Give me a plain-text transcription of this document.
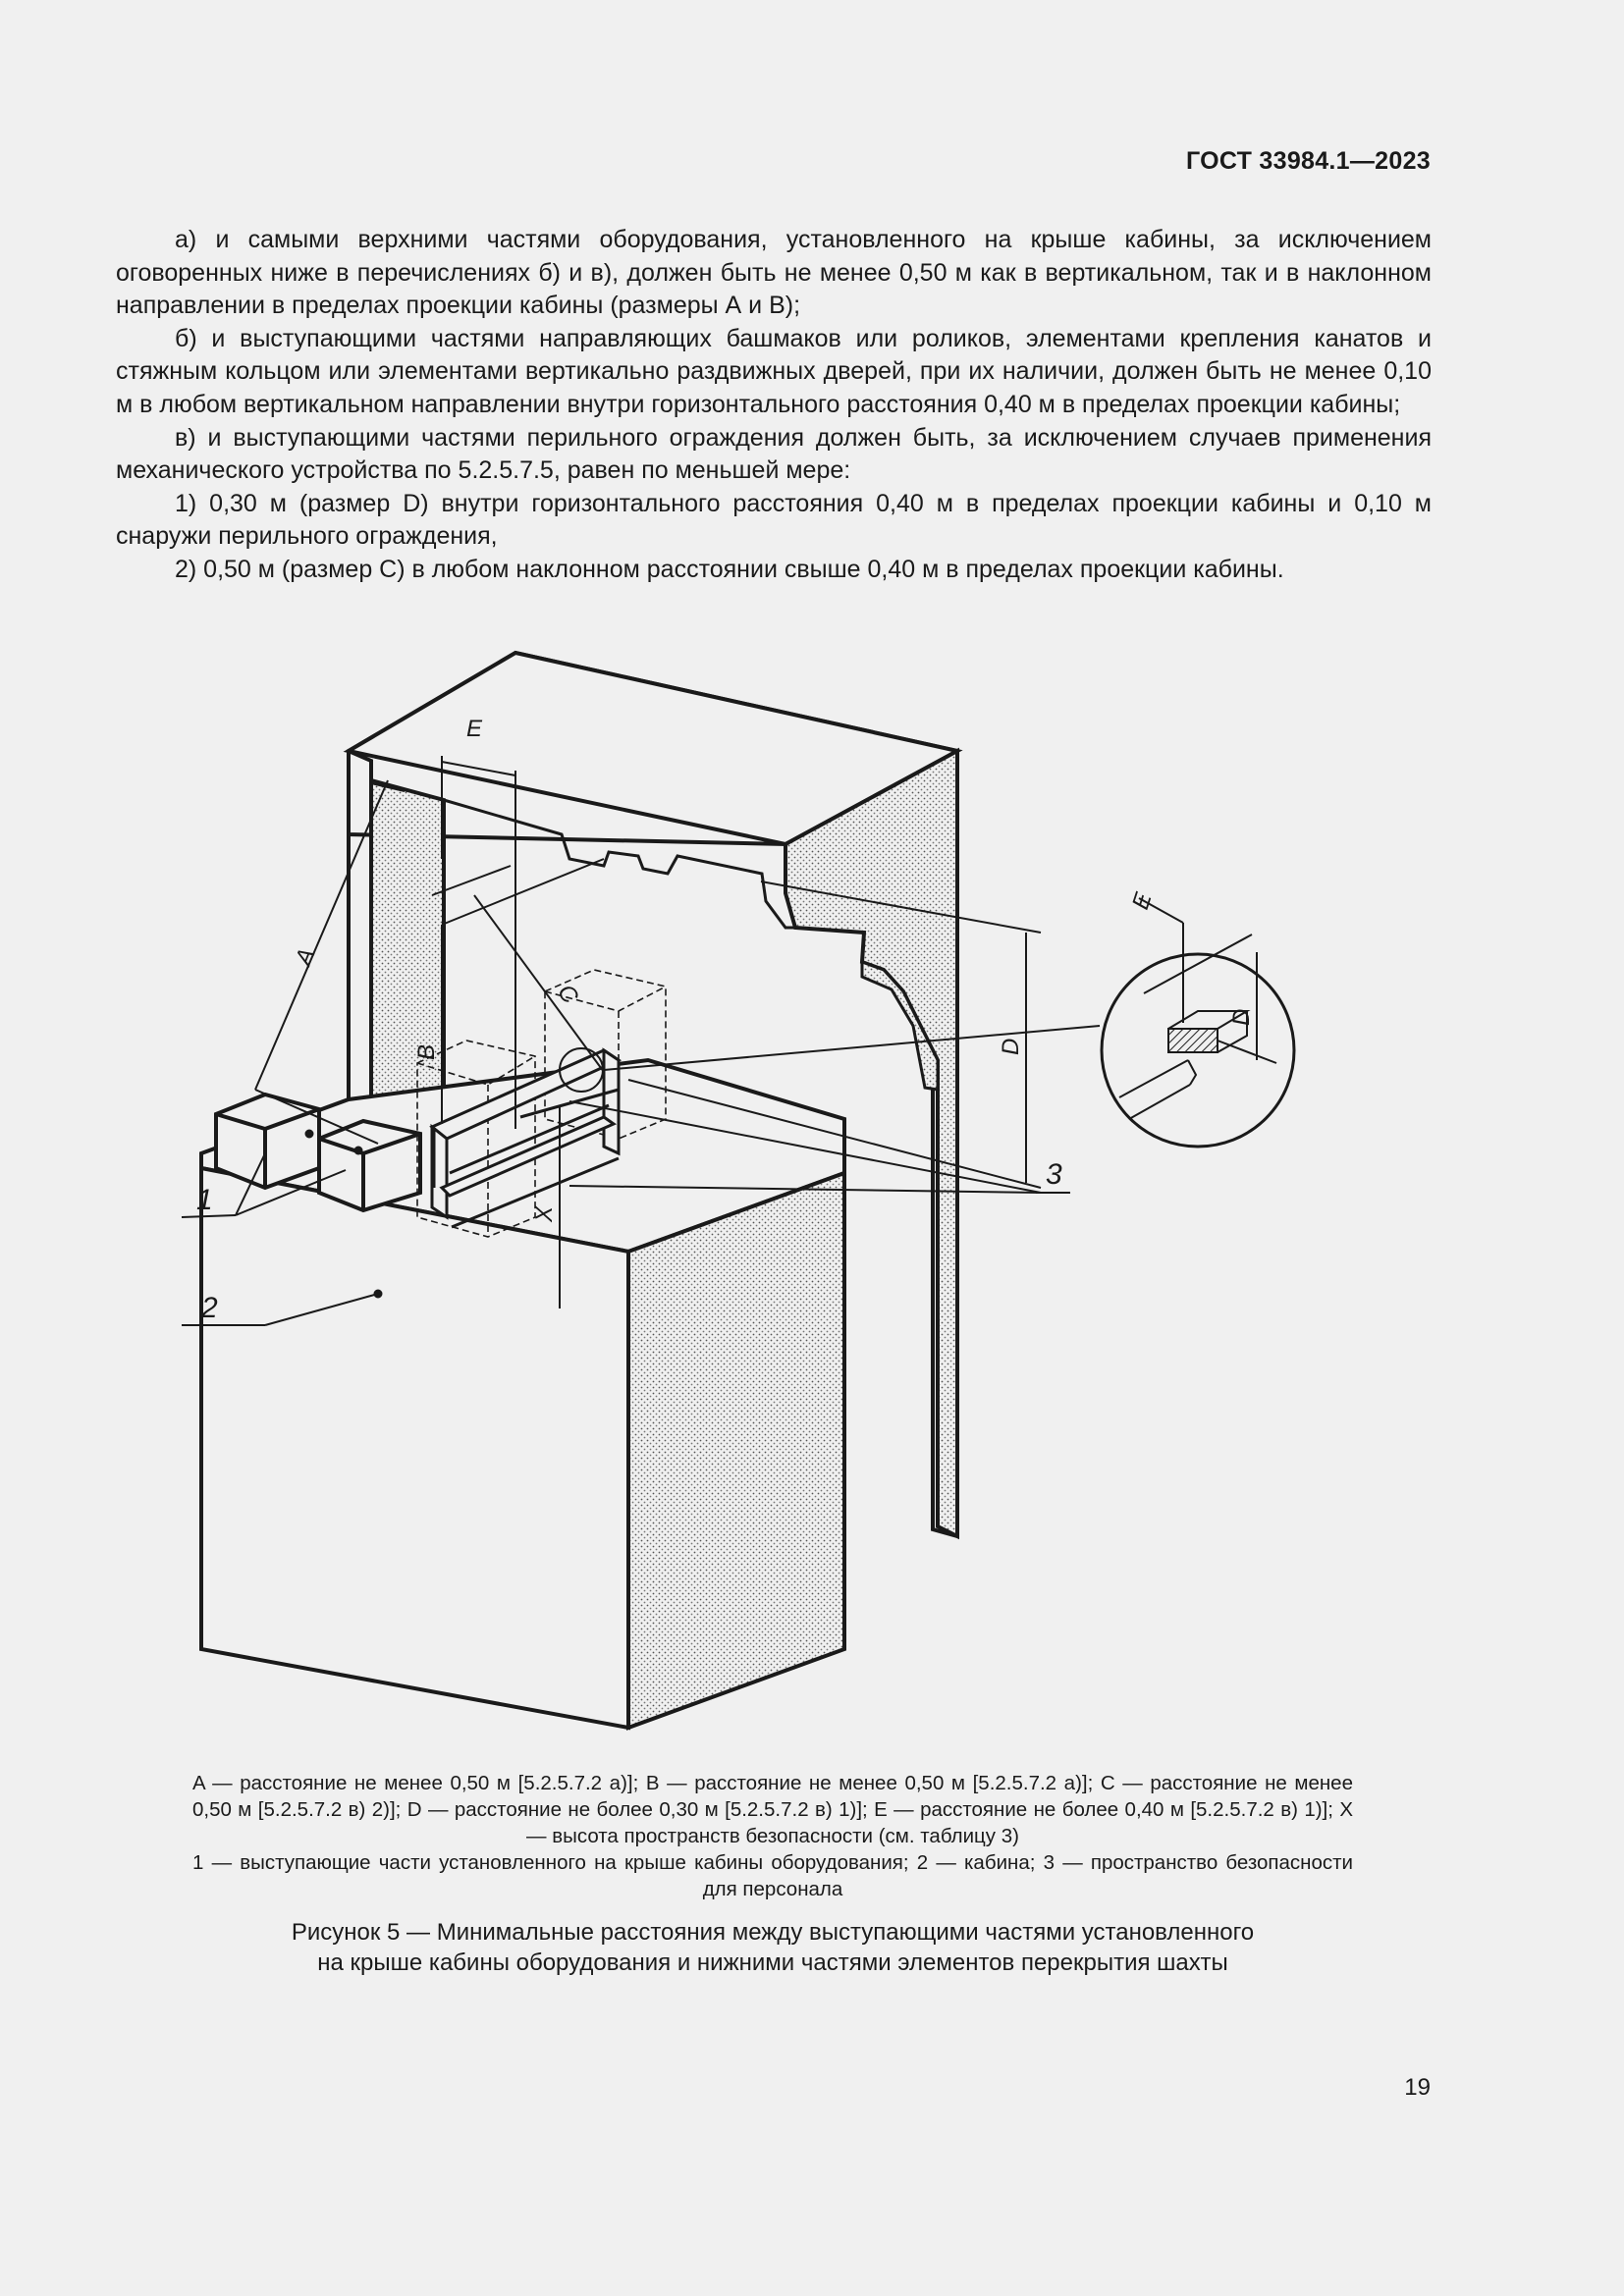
ГОСТ 33984.1—2023

а) и самыми верхними частями оборудования, установленного на крыше кабины, за исключением оговоренных ниже в перечислениях б) и в), должен быть не менее 0,50 м как в вертикальном, так и в наклонном направлении в пределах проекции кабины (размеры А и В);

б) и выступающими частями направляющих башмаков или роликов, элементами крепления канатов и стяжным кольцом или элементами вертикально раздвижных дверей, при их наличии, должен быть не менее 0,10 м в любом вертикальном направлении внутри горизонтального расстояния 0,40 м в пределах проекции кабины;

в) и выступающими частями перильного ограждения должен быть, за исключением случаев применения механического устройства по 5.2.5.7.5, равен по меньшей мере:

1) 0,30 м (размер D) внутри горизонтального расстояния 0,40 м в пределах проекции кабины и 0,10 м снаружи перильного ограждения,

2) 0,50 м (размер С) в любом наклонном расстоянии свыше 0,40 м в пределах проекции кабины.

A
B
C
D
E
X
D
E
1
2
3

A — расстояние не менее 0,50 м [5.2.5.7.2 а)]; B — расстояние не менее 0,50 м [5.2.5.7.2 а)]; C — расстояние не менее 0,50 м [5.2.5.7.2 в) 2)]; D — расстояние не более 0,30 м [5.2.5.7.2 в) 1)]; E — расстояние не более 0,40 м [5.2.5.7.2 в) 1)]; X — высота пространств безопасности (см. таблицу 3)

1 — выступающие части установленного на крыше кабины оборудования; 2 — кабина; 3 — пространство безопасности для персонала

Рисунок 5 — Минимальные расстояния между выступающими частями установленного
на крыше кабины оборудования и нижними частями элементов перекрытия шахты
19
